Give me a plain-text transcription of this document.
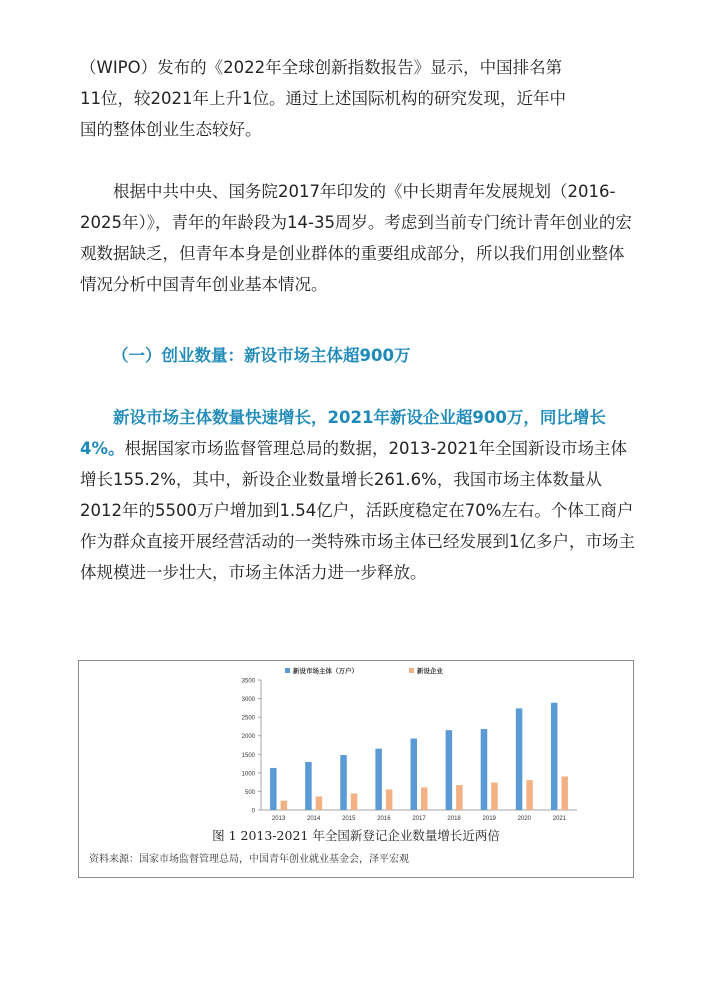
（WIPO）发布的《2022年全球创新指数报告》显示，中国排名第
11位，较2021年上升1位。通过上述国际机构的研究发现，近年中
国的整体创业生态较好。

根据中共中央、国务院2017年印发的《中长期青年发展规划（2016-2025年）》，青年的年龄段为14-35周岁。考虑到当前专门统计青年创业的宏观数据缺乏，但青年本身是创业群体的重要组成部分，所以我们用创业整体情况分析中国青年创业基本情况。

（一）创业数量：新设市场主体超900万

新设市场主体数量快速增长，2021年新设企业超900万，同比增长4%。根据国家市场监督管理总局的数据，2013-2021年全国新设市场主体增长155.2%，其中，新设企业数量增长261.6%，我国市场主体数量从2012年的5500万户增加到1.54亿户，活跃度稳定在70%左右。个体工商户作为群众直接开展经营活动的一类特殊市场主体已经发展到1亿多户，市场主体规模进一步壮大，市场主体活力进一步释放。

新设市场主体（万户）	新设企业
0
500
1000
1500
2000
2500
3000
3500
2013	2014	2015	2016	2017	2018	2019	2020	2021
图 1 2013-2021 年全国新登记企业数量增长近两倍
资料来源：国家市场监督管理总局，中国青年创业就业基金会，泽平宏观
